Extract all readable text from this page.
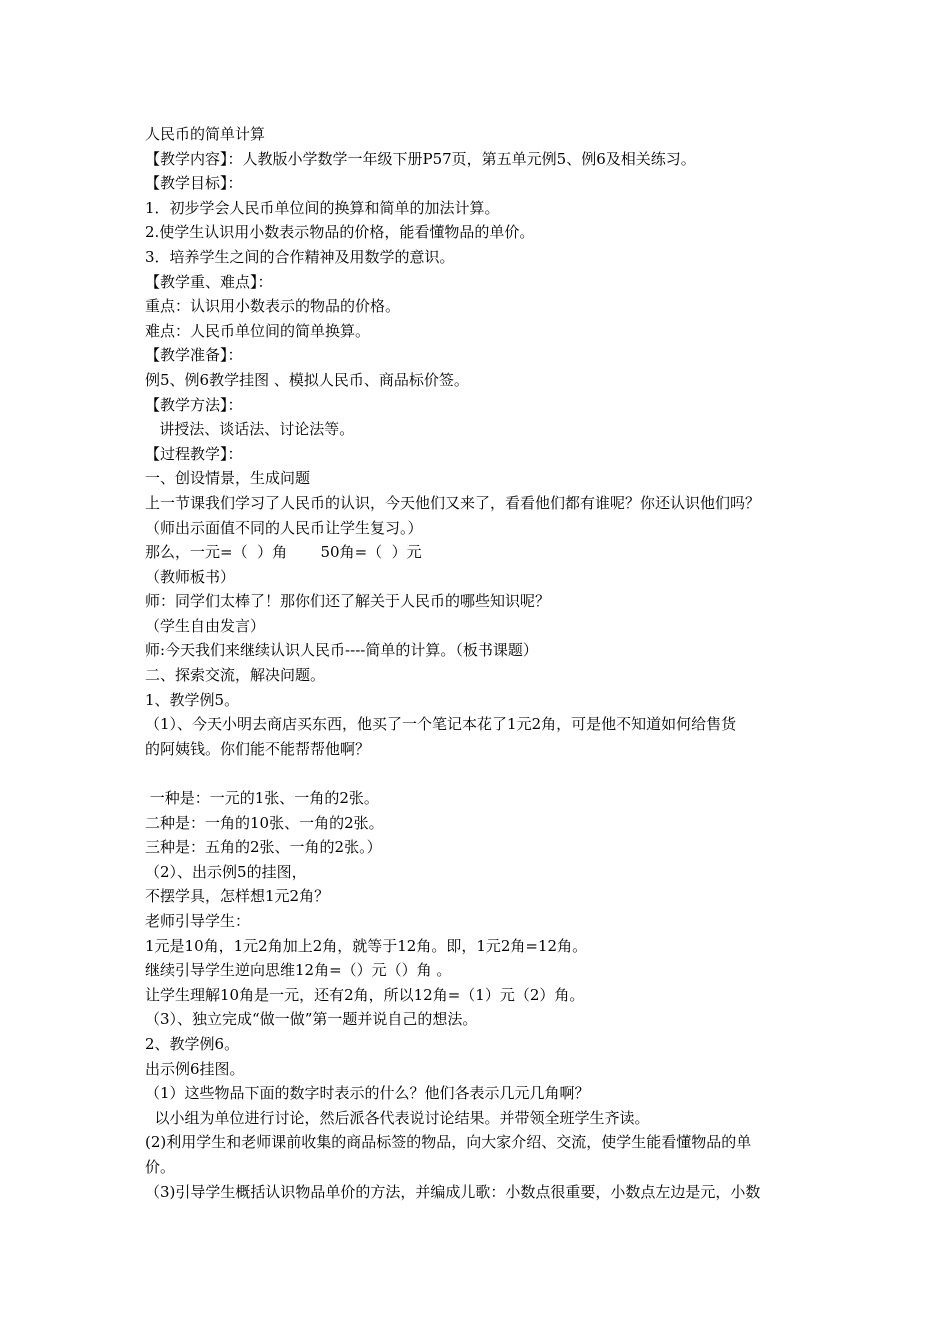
人民币的简单计算
【教学内容】：人教版小学数学一年级下册P57页，第五单元例5、例6及相关练习。
【教学目标】：
1．初步学会人民币单位间的换算和简单的加法计算。
2.使学生认识用小数表示物品的价格，能看懂物品的单价。
3．培养学生之间的合作精神及用数学的意识。
【教学重、难点】：
重点：认识用小数表示的物品的价格。
难点：人民币单位间的简单换算。
【教学准备】：
例5、例6教学挂图 、模拟人民币、商品标价签。
【教学方法】：
讲授法、谈话法、讨论法等。
【过程教学】：
一、创设情景，生成问题
上一节课我们学习了人民币的认识，今天他们又来了，看看他们都有谁呢？你还认识他们吗？
（师出示面值不同的人民币让学生复习。）
那么，一元=（  ）角       50角=（  ）元
（教师板书）
师：同学们太棒了！那你们还了解关于人民币的哪些知识呢？
（学生自由发言）
师:今天我们来继续认识人民币----简单的计算。（板书课题）
二、探索交流，解决问题。
1、教学例5。
（1）、今天小明去商店买东西，他买了一个笔记本花了1元2角，可是他不知道如何给售货
的阿姨钱。你们能不能帮帮他啊？
一种是：一元的1张、一角的2张。
二种是：一角的10张、一角的2张。
三种是：五角的2张、一角的2张。）
（2）、出示例5的挂图，
不摆学具，怎样想1元2角？
老师引导学生：
1元是10角，1元2角加上2角，就等于12角。即，1元2角=12角。
继续引导学生逆向思维12角=（）元（）角 。
让学生理解10角是一元，还有2角，所以12角=（1）元（2）角。
（3）、独立完成“做一做”第一题并说自己的想法。
2、教学例6。
出示例6挂图。
（1）这些物品下面的数字时表示的什么？他们各表示几元几角啊？
以小组为单位进行讨论，然后派各代表说讨论结果。并带领全班学生齐读。
(2)利用学生和老师课前收集的商品标签的物品，向大家介绍、交流，使学生能看懂物品的单
价。
（3)引导学生概括认识物品单价的方法，并编成儿歌：小数点很重要，小数点左边是元，小数
